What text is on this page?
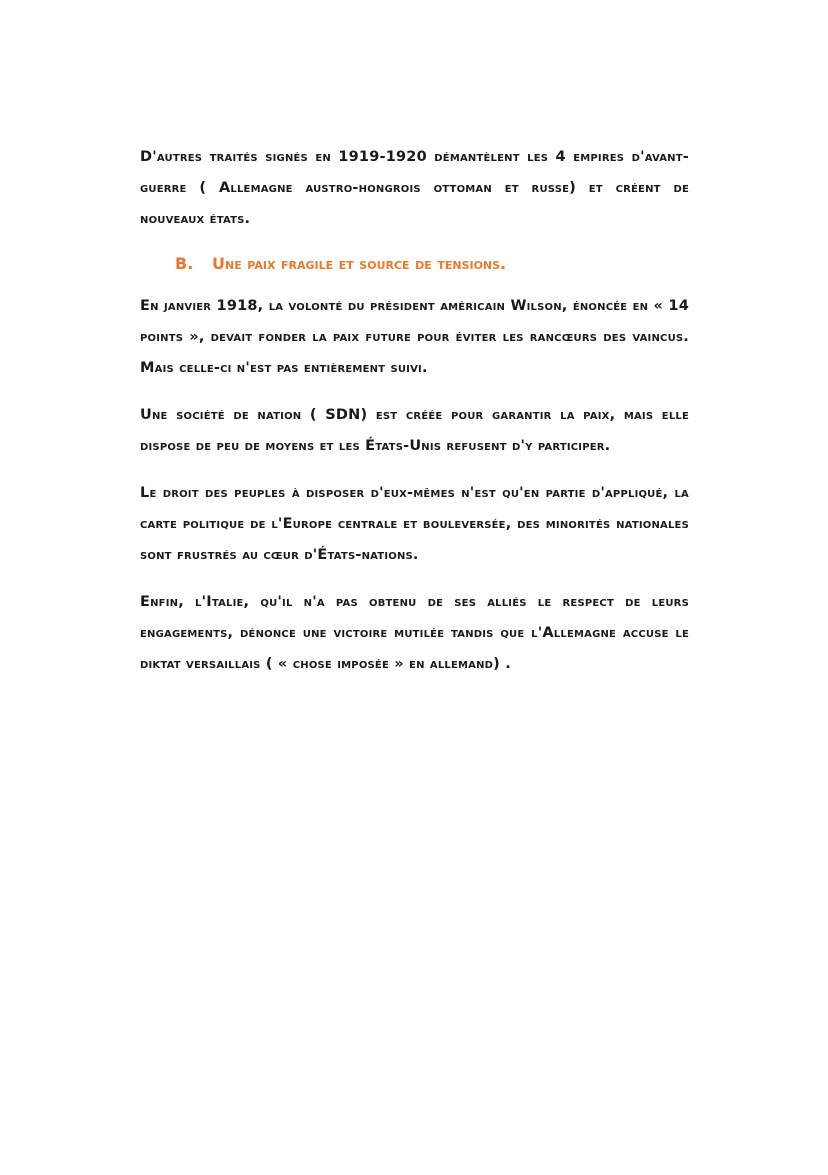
D'autres traités signés en 1919-1920 démantèlent les 4 empires d'avant-guerre ( Allemagne austro-hongrois ottoman et russe) et créent de nouveaux états.

B.	Une paix fragile et source de tensions.

En janvier 1918, la volonté du président américain Wilson, énoncée en « 14 points », devait fonder la paix future pour éviter les rancœurs des vaincus. Mais celle-ci n'est pas entièrement suivi.

Une société de nation ( SDN) est créée pour garantir la paix, mais elle dispose de peu de moyens et les États-Unis refusent d'y participer.

Le droit des peuples à disposer d'eux-mêmes n'est qu'en partie d'appliqué, la carte politique de l'Europe centrale et bouleversée, des minorités nationales sont frustrés au cœur d'États-nations.

Enfin, l'Italie, qu'il n'a pas obtenu de ses alliés le respect de leurs engagements, dénonce une victoire mutilée tandis que l'Allemagne accuse le diktat versaillais ( « chose imposée » en allemand) .
